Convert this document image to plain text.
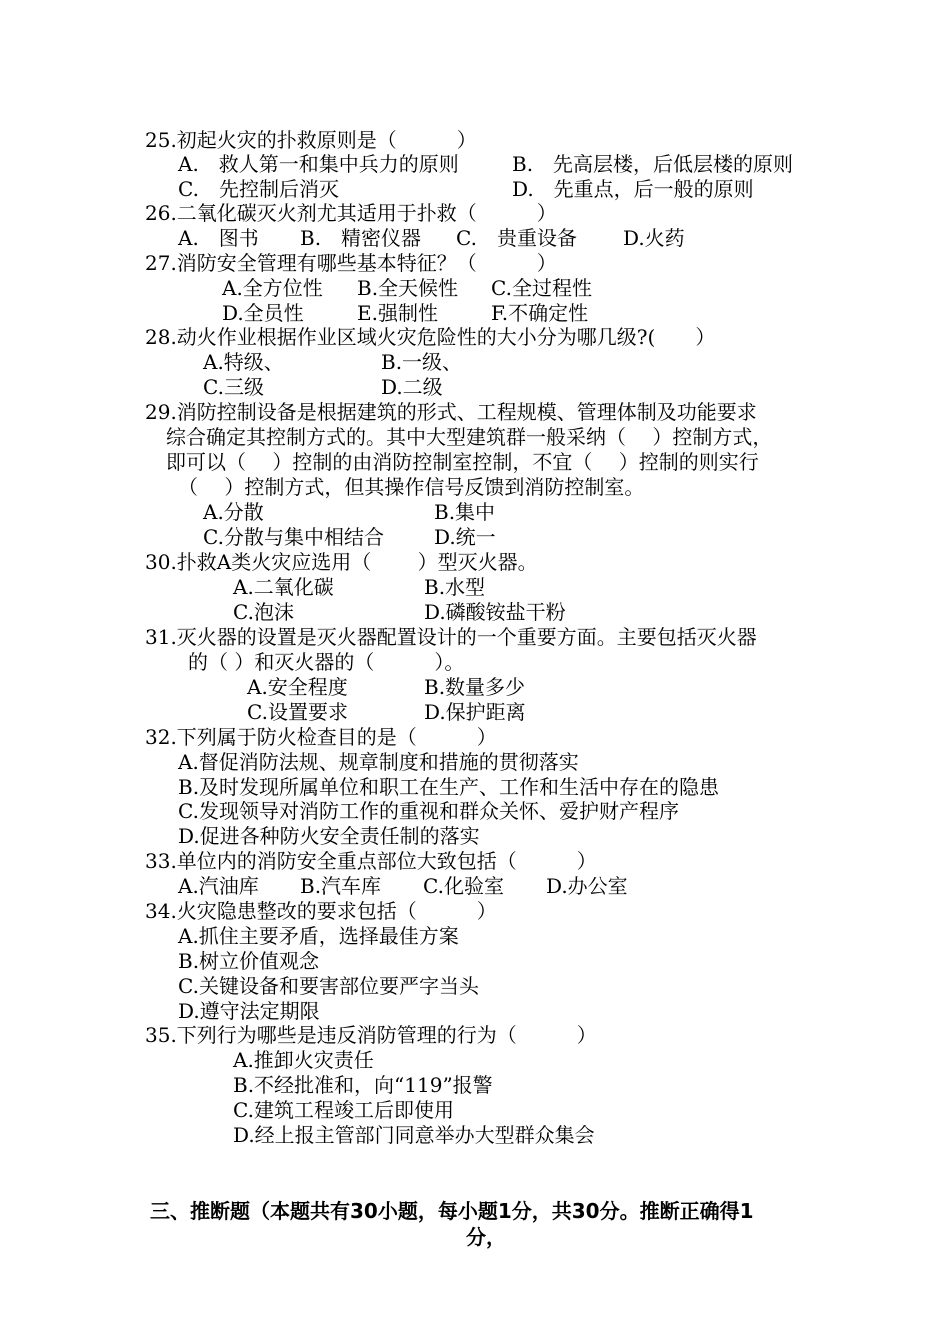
25.初起火灾的扑救原则是（　　　）
A.　救人第一和集中兵力的原则	B.　先高层楼，后低层楼的原则
C.　先控制后消灭	D.　先重点，后一般的原则
26.二氧化碳灭火剂尤其适用于扑救（　　　）
A.　图书 B.　精密仪器 C.　贵重设备 D.火药
27.消防安全管理有哪些基本特征？（　　　）
A.全方位性 B.全天候性 C.全过程性
D.全员性	E.强制性	F.不确定性
28.动火作业根据作业区域火灾危险性的大小分为哪几级?(　　）
A.特级、	B.一级、
C.三级	D.二级
29.消防控制设备是根据建筑的形式、工程规模、管理体制及功能要求
综合确定其控制方式的。其中大型建筑群一般采纳（　 ）控制方式，
即可以（　 ）控制的由消防控制室控制，不宜（　 ）控制的则实行
（　 ）控制方式，但其操作信号反馈到消防控制室。
A.分散	B.集中
C.分散与集中相结合	D.统一
30.扑救A类火灾应选用（　　 ）型灭火器。
A.二氧化碳	B.水型
C.泡沫	D.磷酸铵盐干粉
31.灭火器的设置是灭火器配置设计的一个重要方面。主要包括灭火器
的（ ）和灭火器的（　　　）。
A.安全程度	B.数量多少
C.设置要求	D.保护距离
32.下列属于防火检查目的是（　　　）
A.督促消防法规、规章制度和措施的贯彻落实
B.及时发现所属单位和职工在生产、工作和生活中存在的隐患
C.发现领导对消防工作的重视和群众关怀、爱护财产程序
D.促进各种防火安全责任制的落实
33.单位内的消防安全重点部位大致包括（　　　）
A.汽油库 B.汽车库 C.化验室 D.办公室
34.火灾隐患整改的要求包括（　　　）
A.抓住主要矛盾，选择最佳方案
B.树立价值观念
C.关键设备和要害部位要严字当头
D.遵守法定期限
35.下列行为哪些是违反消防管理的行为（　　　）
A.推卸火灾责任
B.不经批准和，向“119”报警
C.建筑工程竣工后即使用
D.经上报主管部门同意举办大型群众集会
三、推断题（本题共有30小题，每小题1分，共30分。推断正确得1
分，
